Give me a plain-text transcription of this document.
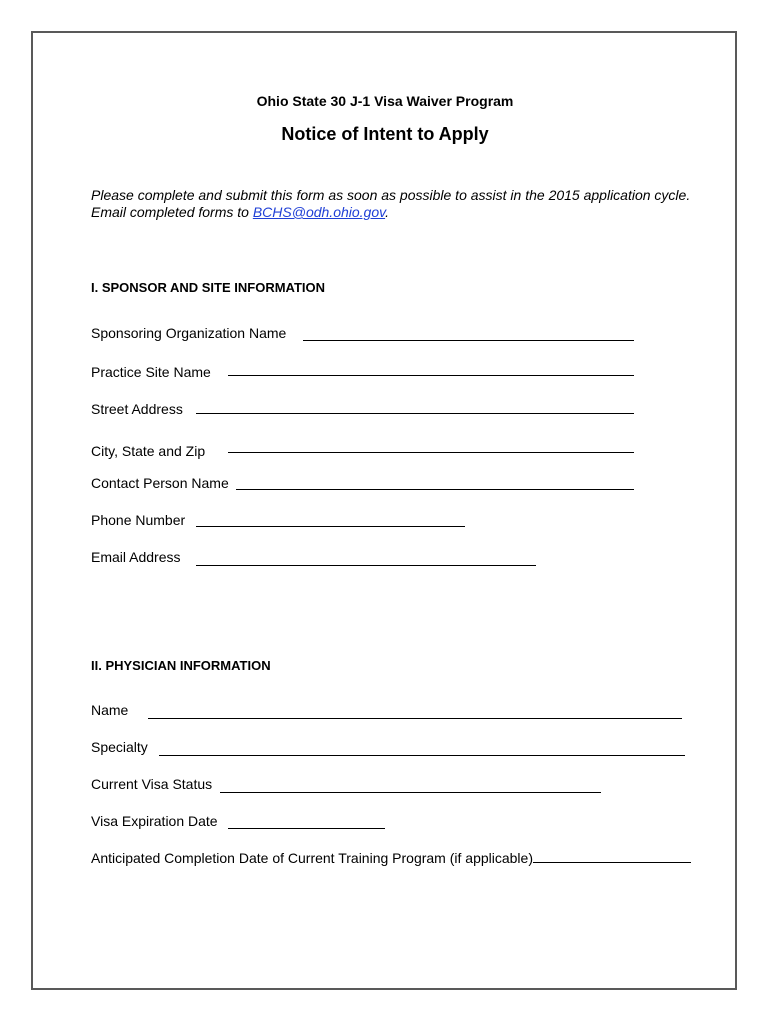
Ohio State 30 J-1 Visa Waiver Program
Notice of Intent to Apply
Please complete and submit this form as soon as possible to assist in the 2015 application cycle. Email completed forms to BCHS@odh.ohio.gov.
I. SPONSOR AND SITE INFORMATION
Sponsoring Organization Name
Practice Site Name
Street Address
City, State and Zip
Contact Person Name
Phone Number
Email Address
II. PHYSICIAN INFORMATION
Name
Specialty
Current Visa Status
Visa Expiration Date
Anticipated Completion Date of Current Training Program (if applicable)
